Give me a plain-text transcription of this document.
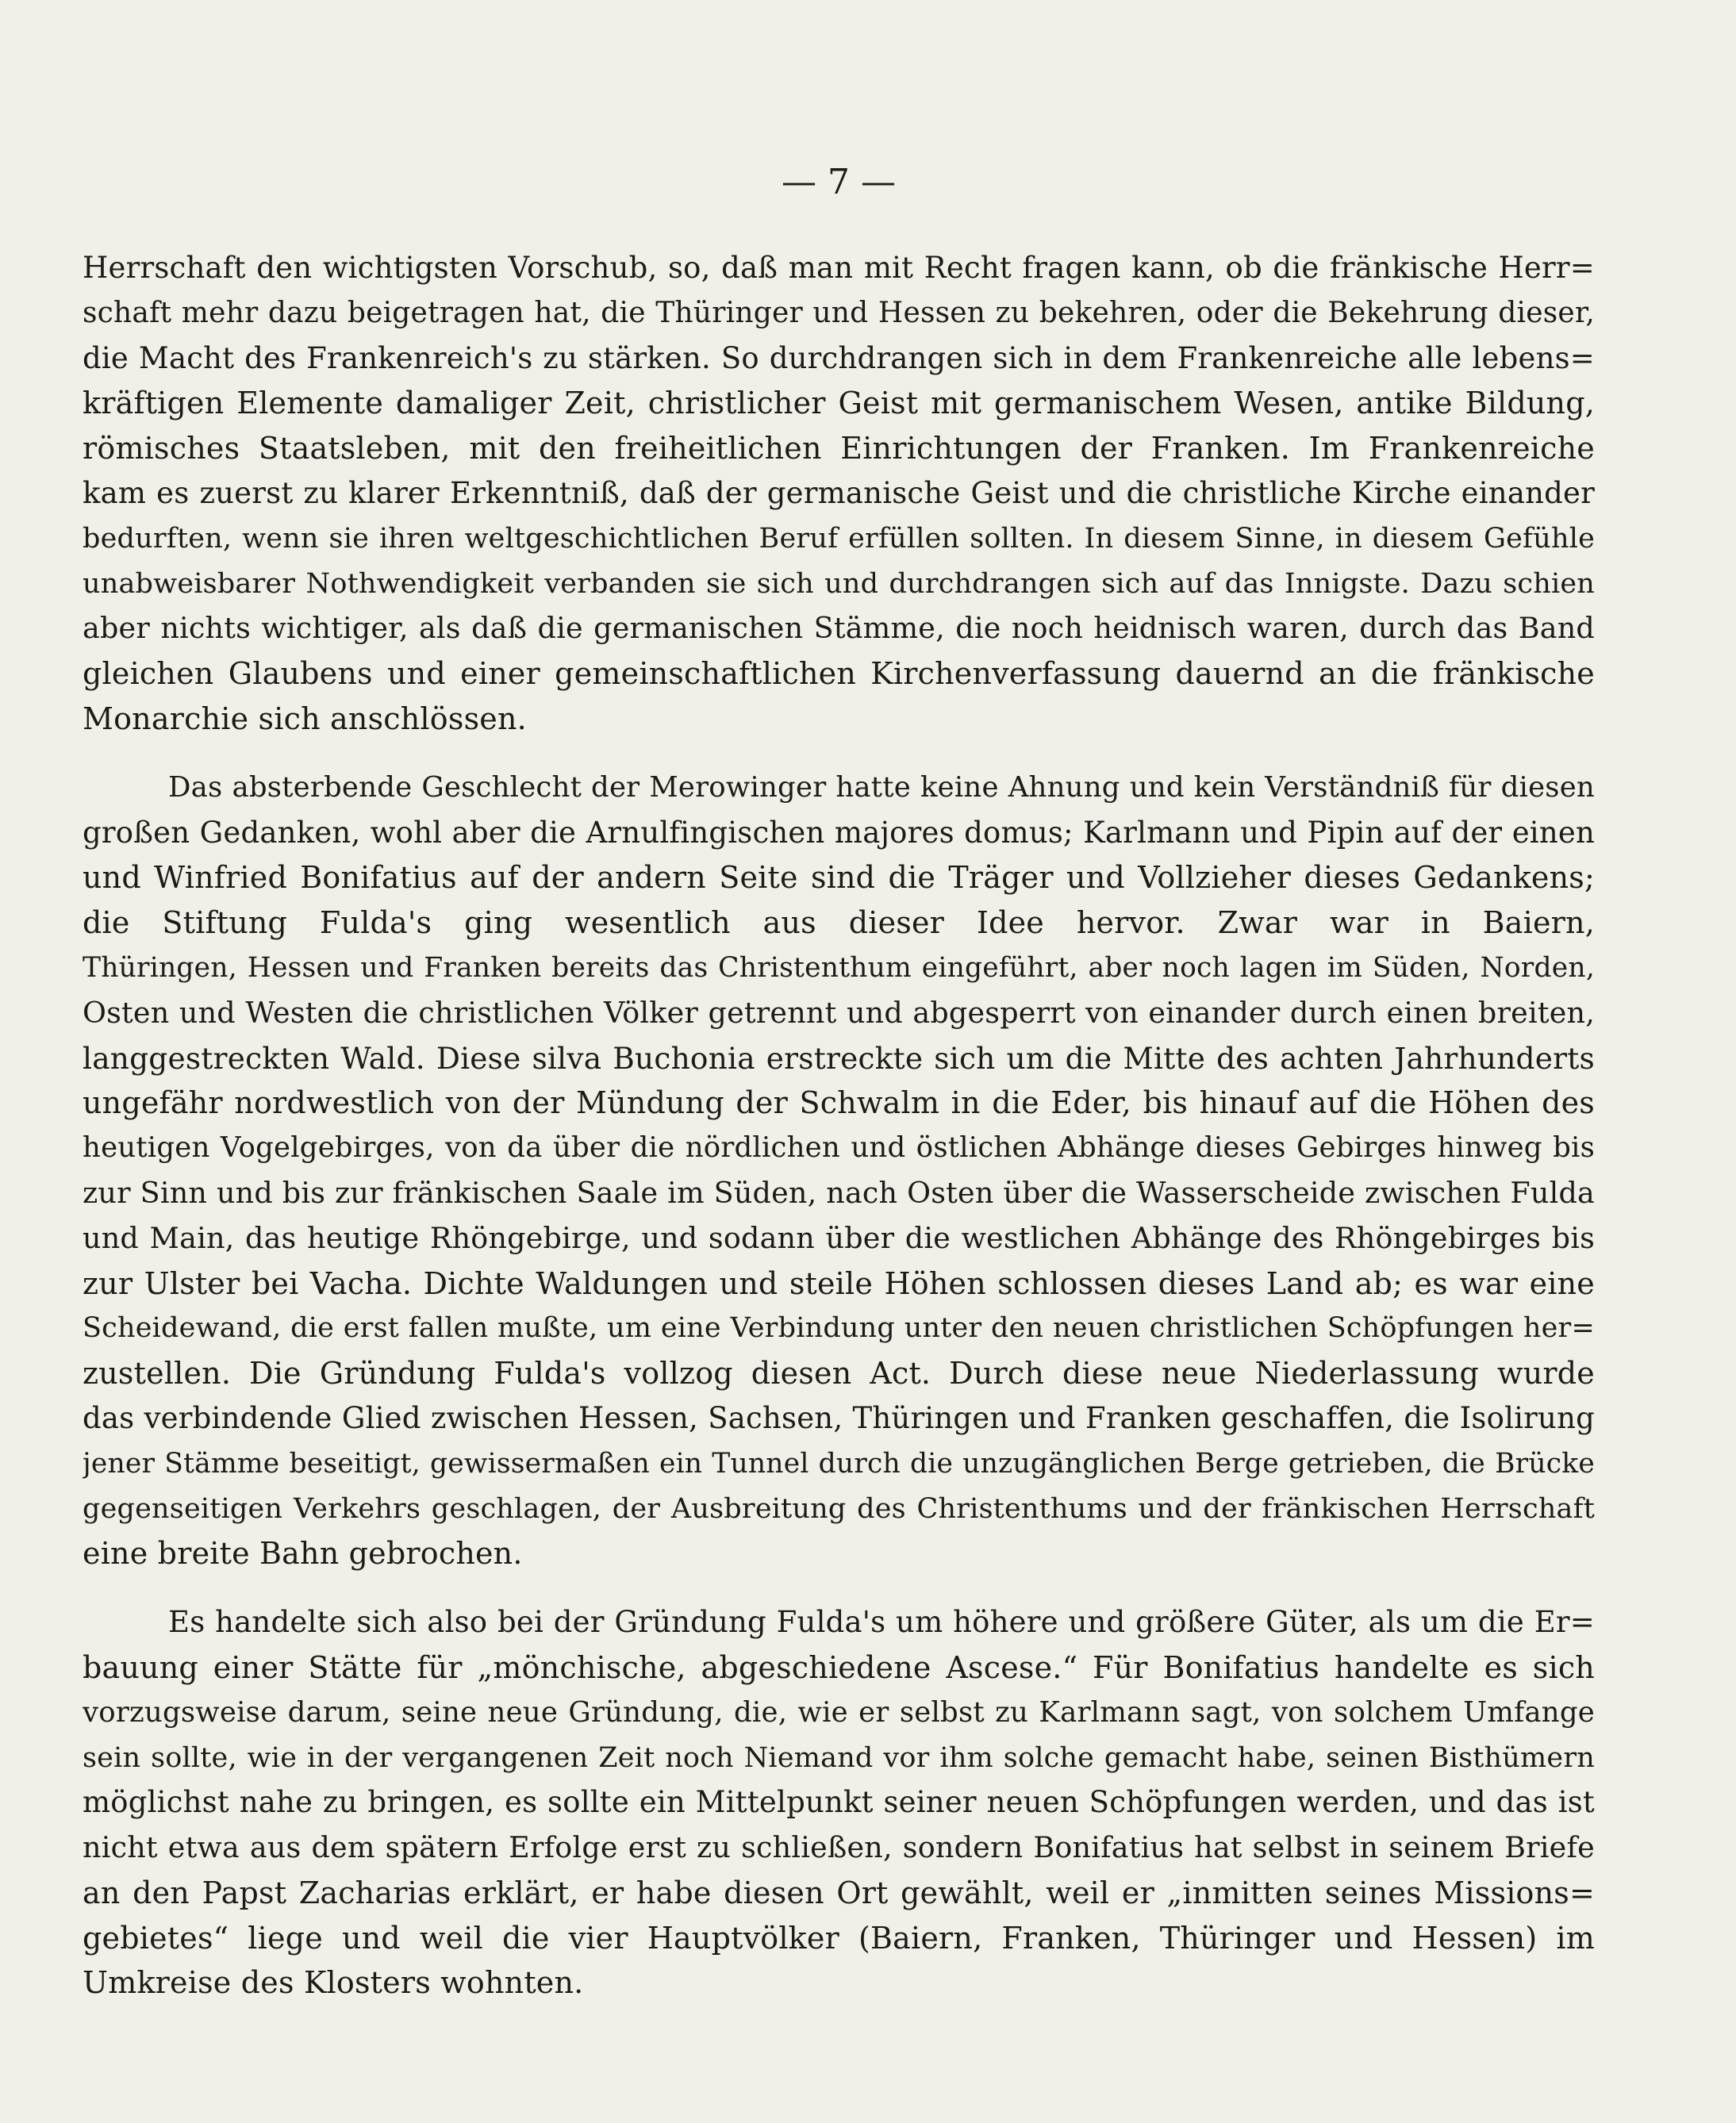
— 7 —
Herrschaft den wichtigsten Vorschub, so, daß man mit Recht fragen kann, ob die fränkische Herr=
schaft mehr dazu beigetragen hat, die Thüringer und Hessen zu bekehren, oder die Bekehrung dieser,
die Macht des Frankenreich's zu stärken. So durchdrangen sich in dem Frankenreiche alle lebens=
kräftigen Elemente damaliger Zeit, christlicher Geist mit germanischem Wesen, antike Bildung,
römisches Staatsleben, mit den freiheitlichen Einrichtungen der Franken. Im Frankenreiche
kam es zuerst zu klarer Erkenntniß, daß der germanische Geist und die christliche Kirche einander
bedurften, wenn sie ihren weltgeschichtlichen Beruf erfüllen sollten. In diesem Sinne, in diesem Gefühle
unabweisbarer Nothwendigkeit verbanden sie sich und durchdrangen sich auf das Innigste. Dazu schien
aber nichts wichtiger, als daß die germanischen Stämme, die noch heidnisch waren, durch das Band
gleichen Glaubens und einer gemeinschaftlichen Kirchenverfassung dauernd an die fränkische
Monarchie sich anschlössen.
Das absterbende Geschlecht der Merowinger hatte keine Ahnung und kein Verständniß für diesen
großen Gedanken, wohl aber die Arnulfingischen majores domus; Karlmann und Pipin auf der einen
und Winfried Bonifatius auf der andern Seite sind die Träger und Vollzieher dieses Gedankens;
die Stiftung Fulda's ging wesentlich aus dieser Idee hervor. Zwar war in Baiern,
Thüringen, Hessen und Franken bereits das Christenthum eingeführt, aber noch lagen im Süden, Norden,
Osten und Westen die christlichen Völker getrennt und abgesperrt von einander durch einen breiten,
langgestreckten Wald. Diese silva Buchonia erstreckte sich um die Mitte des achten Jahrhunderts
ungefähr nordwestlich von der Mündung der Schwalm in die Eder, bis hinauf auf die Höhen des
heutigen Vogelgebirges, von da über die nördlichen und östlichen Abhänge dieses Gebirges hinweg bis
zur Sinn und bis zur fränkischen Saale im Süden, nach Osten über die Wasserscheide zwischen Fulda
und Main, das heutige Rhöngebirge, und sodann über die westlichen Abhänge des Rhöngebirges bis
zur Ulster bei Vacha. Dichte Waldungen und steile Höhen schlossen dieses Land ab; es war eine
Scheidewand, die erst fallen mußte, um eine Verbindung unter den neuen christlichen Schöpfungen her=
zustellen. Die Gründung Fulda's vollzog diesen Act. Durch diese neue Niederlassung wurde
das verbindende Glied zwischen Hessen, Sachsen, Thüringen und Franken geschaffen, die Isolirung
jener Stämme beseitigt, gewissermaßen ein Tunnel durch die unzugänglichen Berge getrieben, die Brücke
gegenseitigen Verkehrs geschlagen, der Ausbreitung des Christenthums und der fränkischen Herrschaft
eine breite Bahn gebrochen.
Es handelte sich also bei der Gründung Fulda's um höhere und größere Güter, als um die Er=
bauung einer Stätte für „mönchische, abgeschiedene Ascese.“ Für Bonifatius handelte es sich
vorzugsweise darum, seine neue Gründung, die, wie er selbst zu Karlmann sagt, von solchem Umfange
sein sollte, wie in der vergangenen Zeit noch Niemand vor ihm solche gemacht habe, seinen Bisthümern
möglichst nahe zu bringen, es sollte ein Mittelpunkt seiner neuen Schöpfungen werden, und das ist
nicht etwa aus dem spätern Erfolge erst zu schließen, sondern Bonifatius hat selbst in seinem Briefe
an den Papst Zacharias erklärt, er habe diesen Ort gewählt, weil er „inmitten seines Missions=
gebietes“ liege und weil die vier Hauptvölker (Baiern, Franken, Thüringer und Hessen) im
Umkreise des Klosters wohnten.
